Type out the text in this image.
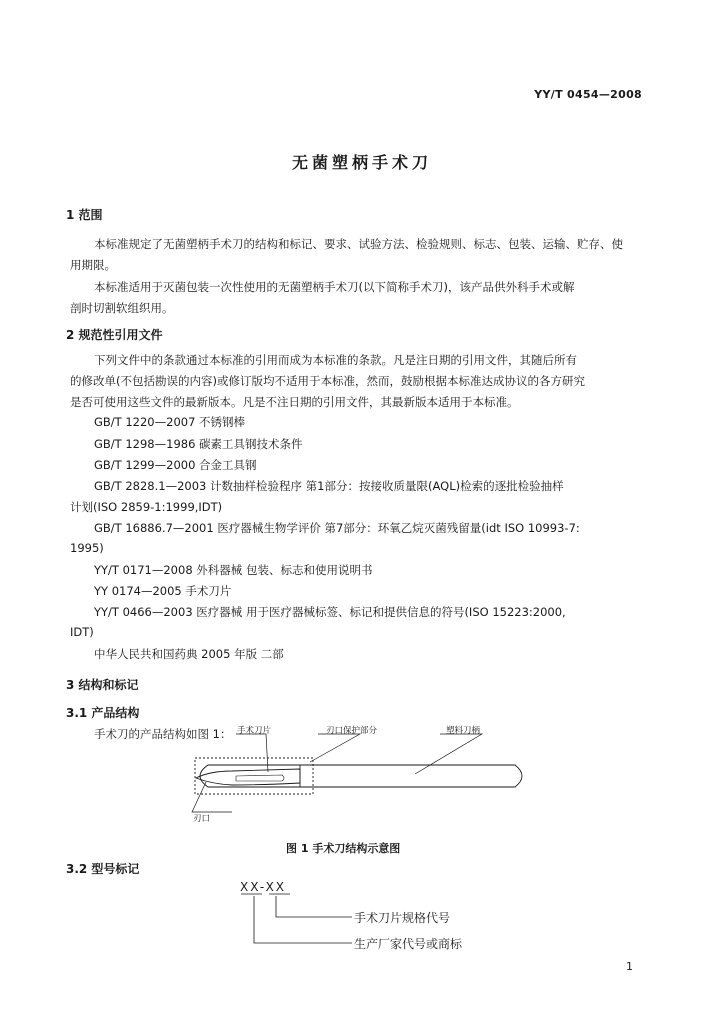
YY/T 0454—2008
无菌塑柄手术刀
1 范围
本标准规定了无菌塑柄手术刀的结构和标记、要求、试验方法、检验规则、标志、包装、运输、贮存、使
用期限。
本标准适用于灭菌包装一次性使用的无菌塑柄手术刀(以下简称手术刀)，该产品供外科手术或解
剖时切割软组织用。
2 规范性引用文件
下列文件中的条款通过本标准的引用而成为本标准的条款。凡是注日期的引用文件，其随后所有
的修改单(不包括勘误的内容)或修订版均不适用于本标准，然而，鼓励根据本标准达成协议的各方研究
是否可使用这些文件的最新版本。凡是不注日期的引用文件，其最新版本适用于本标准。
GB/T 1220—2007 不锈钢棒
GB/T 1298—1986 碳素工具钢技术条件
GB/T 1299—2000 合金工具钢
GB/T 2828.1—2003 计数抽样检验程序 第1部分：按接收质量限(AQL)检索的逐批检验抽样
计划(ISO 2859-1:1999,IDT)
GB/T 16886.7—2001 医疗器械生物学评价 第7部分：环氧乙烷灭菌残留量(idt ISO 10993-7:
1995)
YY/T 0171—2008 外科器械 包装、标志和使用说明书
YY 0174—2005 手术刀片
YY/T 0466—2003 医疗器械 用于医疗器械标签、标记和提供信息的符号(ISO 15223:2000,
IDT)
中华人民共和国药典 2005 年版 二部
3 结构和标记
3.1 产品结构
手术刀的产品结构如图 1： 手术刀片	刃口保护部分	塑料刀柄
刃口
图 1 手术刀结构示意图
3.2 型号标记
XX-XX
手术刀片规格代号
生产厂家代号或商标
1
